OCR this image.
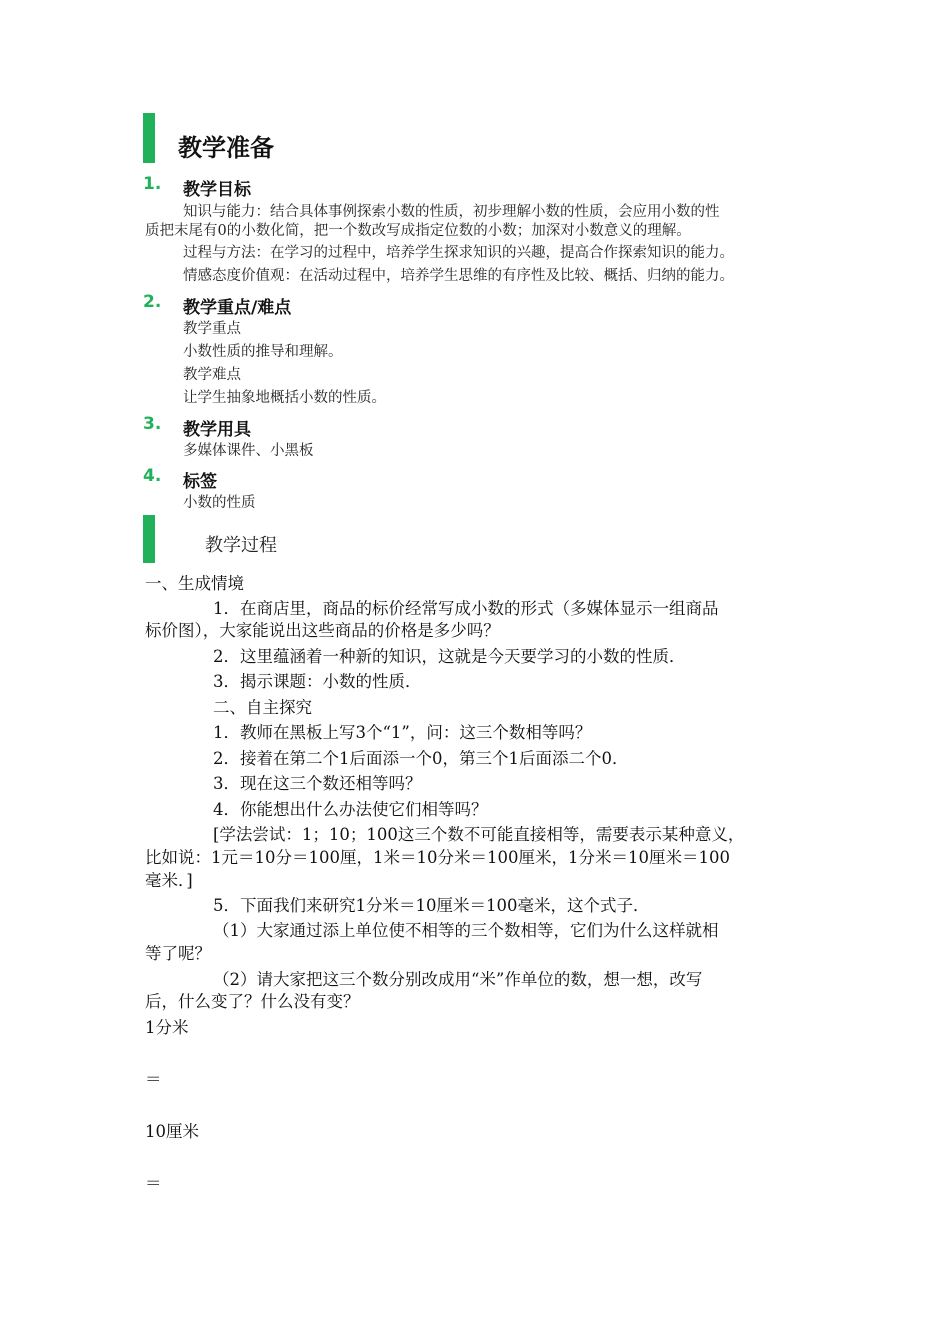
教学准备
1. 教学目标
知识与能力：结合具体事例探索小数的性质，初步理解小数的性质，会应用小数的性
质把末尾有0的小数化简，把一个数改写成指定位数的小数；加深对小数意义的理解。
过程与方法：在学习的过程中，培养学生探求知识的兴趣，提高合作探索知识的能力。
情感态度价值观：在活动过程中，培养学生思维的有序性及比较、概括、归纳的能力。
2. 教学重点/难点
教学重点
小数性质的推导和理解。
教学难点
让学生抽象地概括小数的性质。
3. 教学用具
多媒体课件、小黑板
4. 标签
小数的性质
教学过程
一、生成情境
1．在商店里，商品的标价经常写成小数的形式（多媒体显示一组商品
标价图），大家能说出这些商品的价格是多少吗？
2．这里蕴涵着一种新的知识，这就是今天要学习的小数的性质．
3．揭示课题：小数的性质．
二、自主探究
1．教师在黑板上写3个“1”，问：这三个数相等吗？
2．接着在第二个1后面添一个0，第三个1后面添二个0．
3．现在这三个数还相等吗？
4．你能想出什么办法使它们相等吗？
[学法尝试：1；10；100这三个数不可能直接相等，需要表示某种意义，
比如说：1元＝10分＝100厘，1米＝10分米＝100厘米，1分米＝10厘米＝100
毫米．]
5．下面我们来研究1分米＝10厘米＝100毫米，这个式子．
（1）大家通过添上单位使不相等的三个数相等，它们为什么这样就相
等了呢？
（2）请大家把这三个数分别改成用“米”作单位的数，想一想，改写
后，什么变了？什么没有变？
1分米
＝
10厘米
＝
